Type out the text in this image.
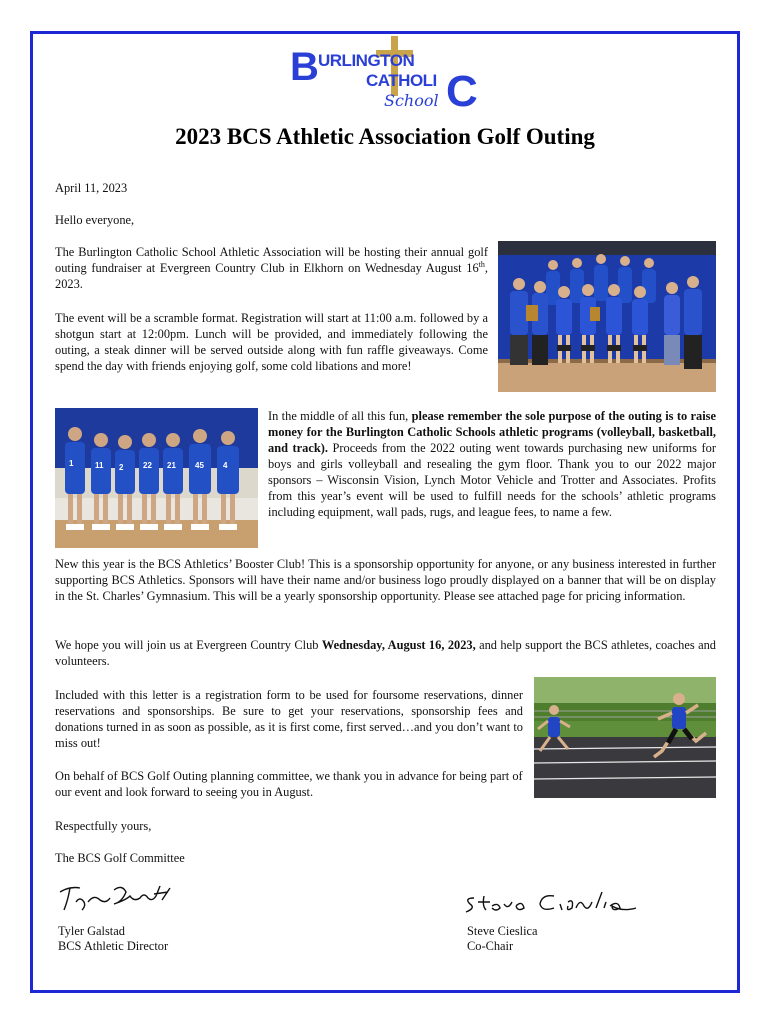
B	C
URLINGTON
CATHOLI
School
2023 BCS Athletic Association Golf Outing
April 11, 2023
Hello everyone,
The Burlington Catholic School Athletic Association will be hosting their annual golf outing fundraiser at Evergreen Country Club in Elkhorn on Wednesday August 16th, 2023.
The event will be a scramble format. Registration will start at 11:00 a.m. followed by a shotgun start at 12:00pm. Lunch will be provided, and immediately following the outing, a steak dinner will be served outside along with fun raffle giveaways. Come spend the day with friends enjoying golf, some cold libations and more!
In the middle of all this fun, please remember the sole purpose of the outing is to raise money for the Burlington Catholic Schools athletic programs (volleyball, basketball, and track). Proceeds from the 2022 outing went towards purchasing new uniforms for boys and girls volleyball and resealing the gym floor. Thank you to our 2022 major sponsors – Wisconsin Vision, Lynch Motor Vehicle and Trotter and Associates. Profits from this year’s event will be used to fulfill needs for the schools’ athletic programs including equipment, wall pads, rugs, and league fees, to name a few.
New this year is the BCS Athletics’ Booster Club! This is a sponsorship opportunity for anyone, or any business interested in further supporting BCS Athletics. Sponsors will have their name and/or business logo proudly displayed on a banner that will be on display in the St. Charles’ Gymnasium. This will be a yearly sponsorship opportunity. Please see attached page for pricing information.
We hope you will join us at Evergreen Country Club Wednesday, August 16, 2023, and help support the BCS athletes, coaches and volunteers.
Included with this letter is a registration form to be used for foursome reservations, dinner reservations and sponsorships. Be sure to get your reservations, sponsorship fees and donations turned in as soon as possible, as it is first come, first served…and you don’t want to miss out!
On behalf of BCS Golf Outing planning committee, we thank you in advance for being part of our event and look forward to seeing you in August.
Respectfully yours,
The BCS Golf Committee
Tyler Galstad
BCS Athletic Director
Steve Cieslica
Co-Chair
1	11 2 22 21 45 4
